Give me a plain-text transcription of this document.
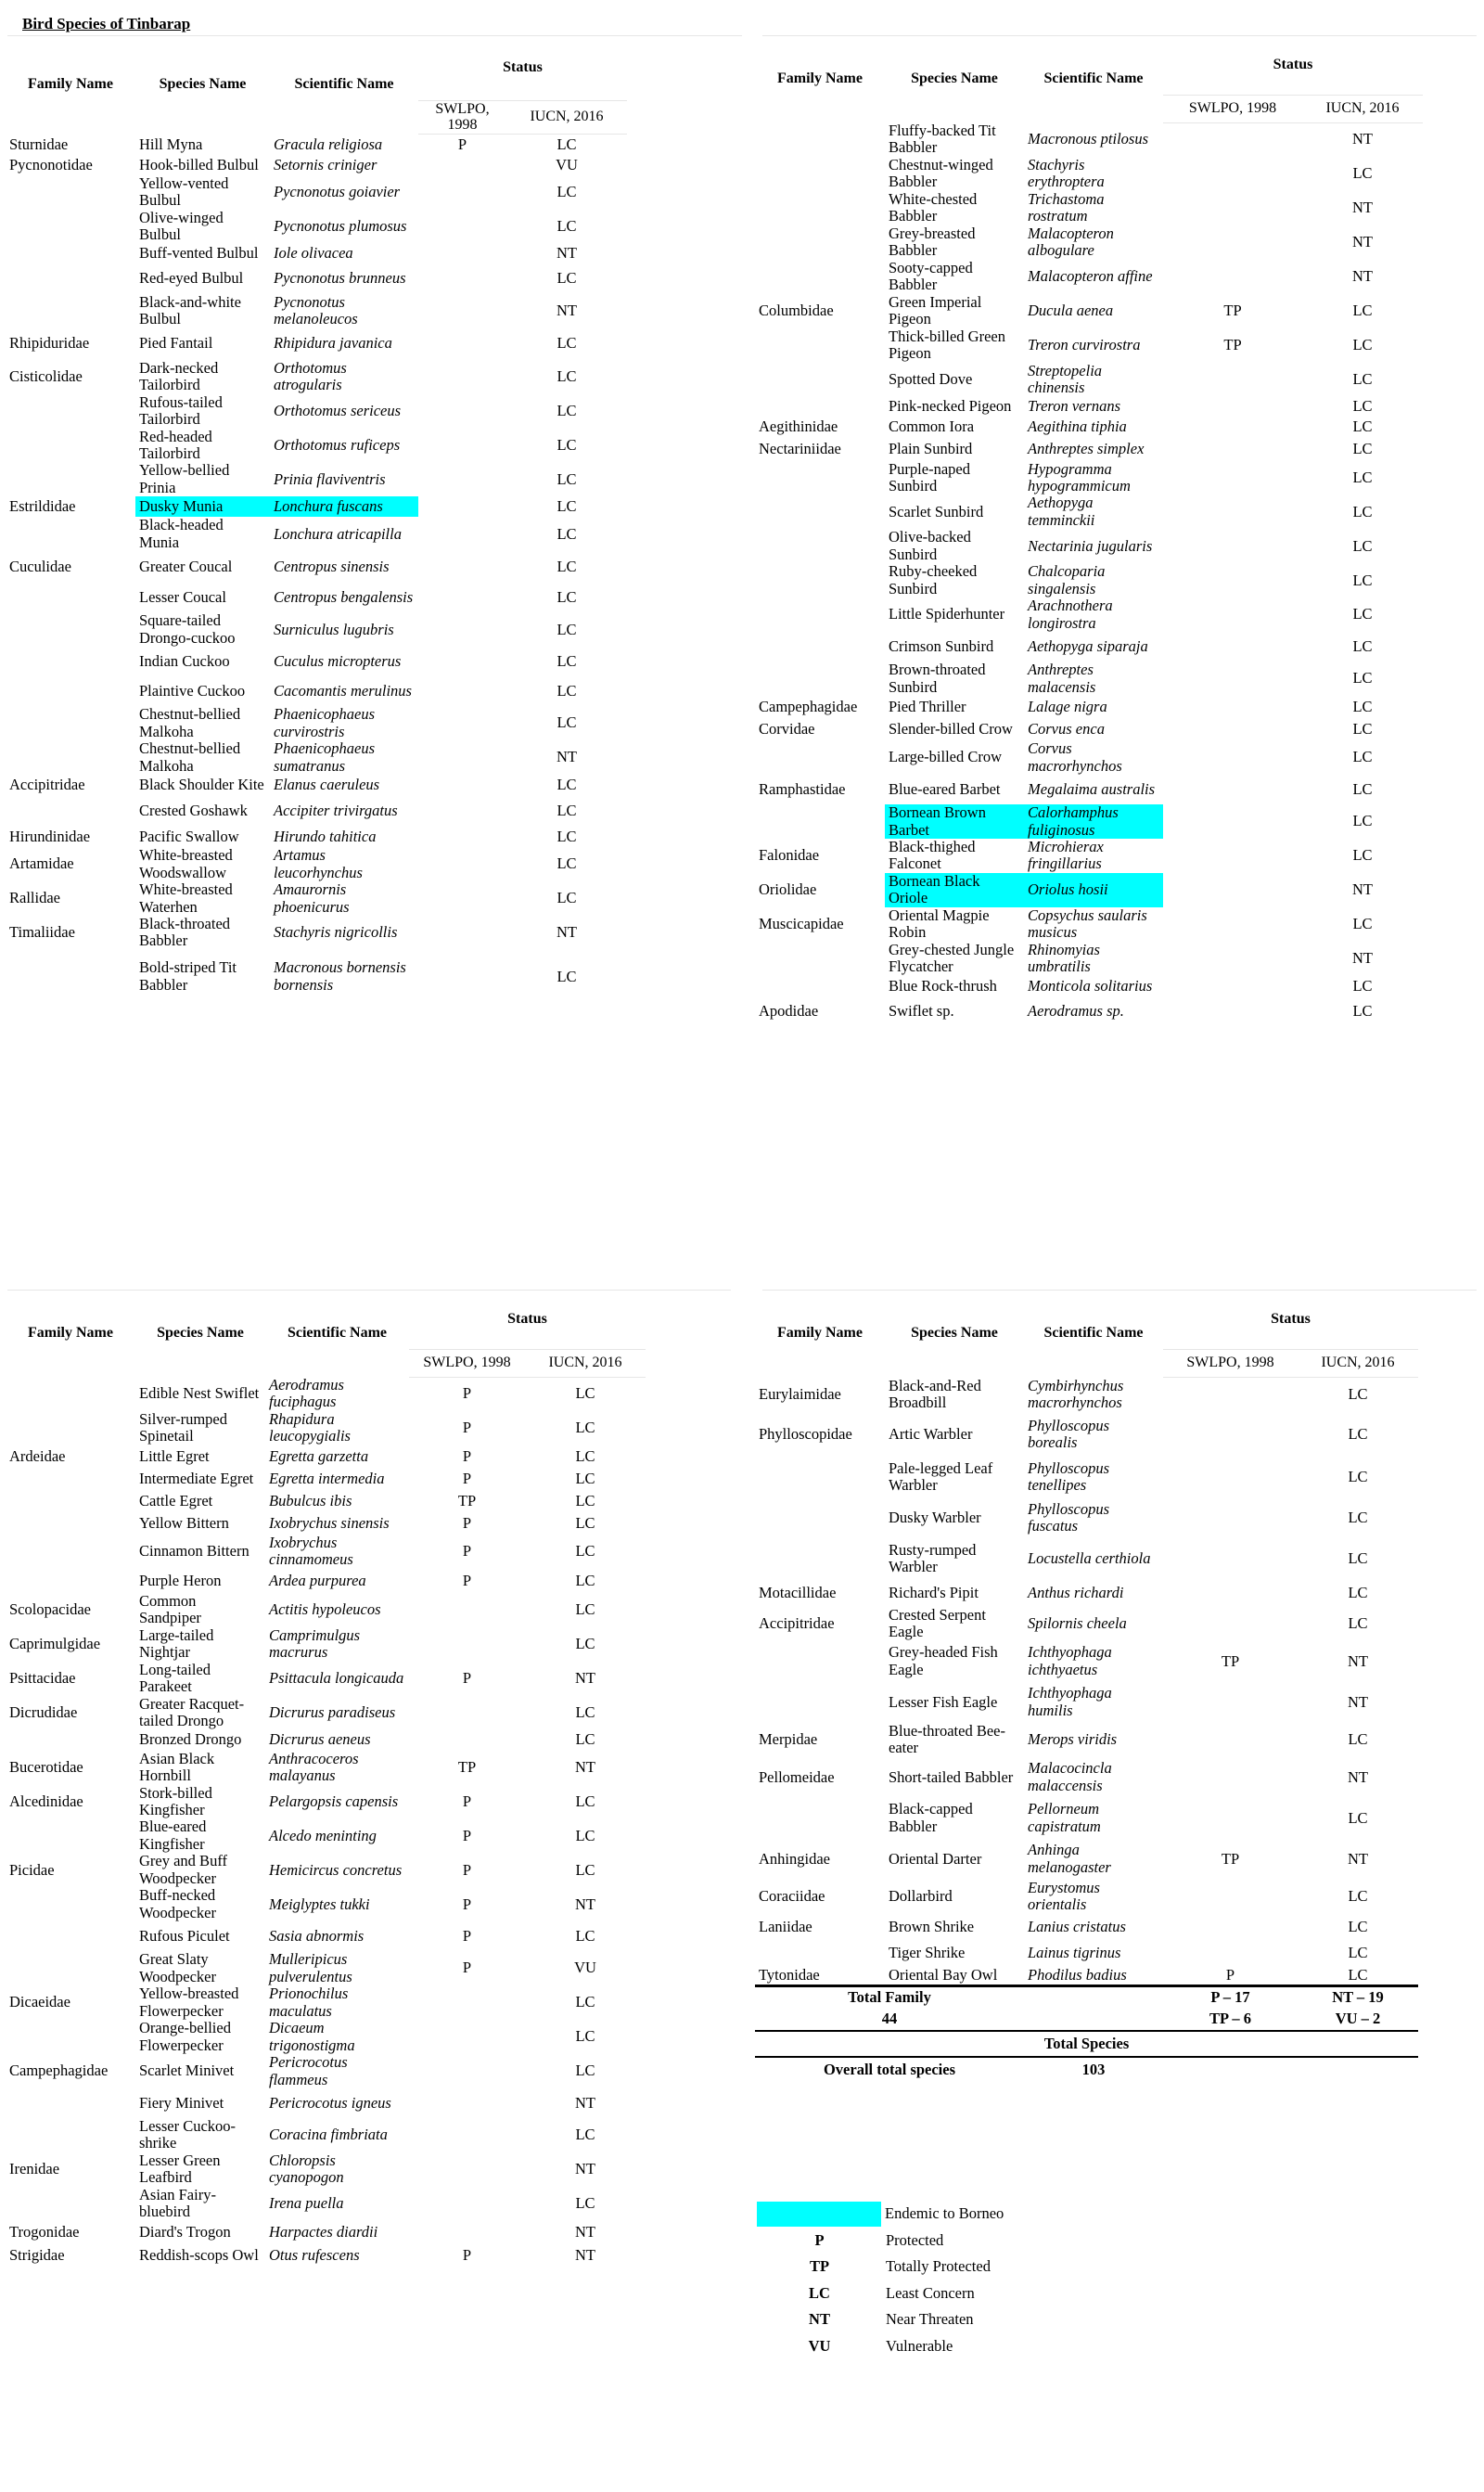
Bird Species of Tinbarap
Family Name	Species Name	Scientific Name	Status	
			SWLPO, 1998	IUCN, 2016
Sturnidae	Hill Myna	Gracula religiosa	P	LC
Pycnonotidae	Hook-billed Bulbul	Setornis criniger		VU
	Yellow-vented Bulbul	Pycnonotus goiavier		LC
	Olive-winged Bulbul	Pycnonotus plumosus		LC
	Buff-vented Bulbul	Iole olivacea		NT
	Red-eyed Bulbul	Pycnonotus brunneus		LC
	Black-and-white Bulbul	Pycnonotus melanoleucos		NT
Rhipiduridae	Pied Fantail	Rhipidura javanica		LC
Cisticolidae	Dark-necked Tailorbird	Orthotomus atrogularis		LC
	Rufous-tailed Tailorbird	Orthotomus sericeus		LC
	Red-headed Tailorbird	Orthotomus ruficeps		LC
	Yellow-bellied Prinia	Prinia flaviventris		LC
Estrildidae	Dusky Munia	Lonchura fuscans		LC
	Black-headed Munia	Lonchura atricapilla		LC
Cuculidae	Greater Coucal	Centropus sinensis		LC
	Lesser Coucal	Centropus bengalensis		LC
	Square-tailed Drongo-cuckoo	Surniculus lugubris		LC
	Indian Cuckoo	Cuculus micropterus		LC
	Plaintive Cuckoo	Cacomantis merulinus		LC
	Chestnut-bellied Malkoha	Phaenicophaeus curvirostris		LC
	Chestnut-bellied Malkoha	Phaenicophaeus sumatranus		NT
Accipitridae	Black Shoulder Kite	Elanus caeruleus		LC
	Crested Goshawk	Accipiter trivirgatus		LC
Hirundinidae	Pacific Swallow	Hirundo tahitica		LC
Artamidae	White-breasted Woodswallow	Artamus leucorhynchus		LC
Rallidae	White-breasted Waterhen	Amaurornis phoenicurus		LC
Timaliidae	Black-throated Babbler	Stachyris nigricollis		NT
	Bold-striped Tit Babbler	Macronous bornensis bornensis		LC
Family Name	Species Name	Scientific Name	Status	
			SWLPO, 1998	IUCN, 2016
	Fluffy-backed Tit Babbler	Macronous ptilosus		NT
	Chestnut-winged Babbler	Stachyris erythroptera		LC
	White-chested Babbler	Trichastoma rostratum		NT
	Grey-breasted Babbler	Malacopteron albogulare		NT
	Sooty-capped Babbler	Malacopteron affine		NT
Columbidae	Green Imperial Pigeon	Ducula aenea	TP	LC
	Thick-billed Green Pigeon	Treron curvirostra	TP	LC
	Spotted Dove	Streptopelia chinensis		LC
	Pink-necked Pigeon	Treron vernans		LC
Aegithinidae	Common Iora	Aegithina tiphia		LC
Nectariniidae	Plain Sunbird	Anthreptes simplex		LC
	Purple-naped Sunbird	Hypogramma hypogrammicum		LC
	Scarlet Sunbird	Aethopyga temminckii		LC
	Olive-backed Sunbird	Nectarinia jugularis		LC
	Ruby-cheeked Sunbird	Chalcoparia singalensis		LC
	Little Spiderhunter	Arachnothera longirostra		LC
	Crimson Sunbird	Aethopyga siparaja		LC
	Brown-throated Sunbird	Anthreptes malacensis		LC
Campephagidae	Pied Thriller	Lalage nigra		LC
Corvidae	Slender-billed Crow	Corvus enca		LC
	Large-billed Crow	Corvus macrorhynchos		LC
Ramphastidae	Blue-eared Barbet	Megalaima australis		LC
	Bornean Brown Barbet	Calorhamphus fuliginosus		LC
Falonidae	Black-thighed Falconet	Microhierax fringillarius		LC
Oriolidae	Bornean Black Oriole	Oriolus hosii		NT
Muscicapidae	Oriental Magpie Robin	Copsychus saularis musicus		LC
	Grey-chested Jungle Flycatcher	Rhinomyias umbratilis		NT
	Blue Rock-thrush	Monticola solitarius		LC
Apodidae	Swiflet sp.	Aerodramus sp.		LC
Family Name	Species Name	Scientific Name	Status	
			SWLPO, 1998	IUCN, 2016
	Edible Nest Swiflet	Aerodramus fuciphagus	P	LC
	Silver-rumped Spinetail	Rhapidura leucopygialis	P	LC
Ardeidae	Little Egret	Egretta garzetta	P	LC
	Intermediate Egret	Egretta intermedia	P	LC
	Cattle Egret	Bubulcus ibis	TP	LC
	Yellow Bittern	Ixobrychus sinensis	P	LC
	Cinnamon Bittern	Ixobrychus cinnamomeus	P	LC
	Purple Heron	Ardea purpurea	P	LC
Scolopacidae	Common Sandpiper	Actitis hypoleucos		LC
Caprimulgidae	Large-tailed Nightjar	Camprimulgus macrurus		LC
Psittacidae	Long-tailed Parakeet	Psittacula longicauda	P	NT
Dicrudidae	Greater Racquet-tailed Drongo	Dicrurus paradiseus		LC
	Bronzed Drongo	Dicrurus aeneus		LC
Bucerotidae	Asian Black Hornbill	Anthracoceros malayanus	TP	NT
Alcedinidae	Stork-billed Kingfisher	Pelargopsis capensis	P	LC
	Blue-eared Kingfisher	Alcedo meninting	P	LC
Picidae	Grey and Buff Woodpecker	Hemicircus concretus	P	LC
	Buff-necked Woodpecker	Meiglyptes tukki	P	NT
	Rufous Piculet	Sasia abnormis	P	LC
	Great Slaty Woodpecker	Mulleripicus pulverulentus	P	VU
Dicaeidae	Yellow-breasted Flowerpecker	Prionochilus maculatus		LC
	Orange-bellied Flowerpecker	Dicaeum trigonostigma		LC
Campephagidae	Scarlet Minivet	Pericrocotus flammeus		LC
	Fiery Minivet	Pericrocotus igneus		NT
	Lesser Cuckoo-shrike	Coracina fimbriata		LC
Irenidae	Lesser Green Leafbird	Chloropsis cyanopogon		NT
	Asian Fairy-bluebird	Irena puella		LC
Trogonidae	Diard's Trogon	Harpactes diardii		NT
Strigidae	Reddish-scops Owl	Otus rufescens	P	NT
Family Name	Species Name	Scientific Name	Status	
			SWLPO, 1998	IUCN, 2016
Eurylaimidae	Black-and-Red Broadbill	Cymbirhynchus macrorhynchos		LC
Phylloscopidae	Artic Warbler	Phylloscopus borealis		LC
	Pale-legged Leaf Warbler	Phylloscopus tenellipes		LC
	Dusky Warbler	Phylloscopus fuscatus		LC
	Rusty-rumped Warbler	Locustella certhiola		LC
Motacillidae	Richard's Pipit	Anthus richardi		LC
Accipitridae	Crested Serpent Eagle	Spilornis cheela		LC
	Grey-headed Fish Eagle	Ichthyophaga ichthyaetus	TP	NT
	Lesser Fish Eagle	Ichthyophaga humilis		NT
Merpidae	Blue-throated Bee-eater	Merops viridis		LC
Pellomeidae	Short-tailed Babbler	Malacocincla malaccensis		NT
	Black-capped Babbler	Pellorneum capistratum		LC
Anhingidae	Oriental Darter	Anhinga melanogaster	TP	NT
Coraciidae	Dollarbird	Eurystomus orientalis		LC
Laniidae	Brown Shrike	Lanius cristatus		LC
	Tiger Shrike	Lainus tigrinus		LC
Tytonidae	Oriental Bay Owl	Phodilus badius	P	LC
Total Family			P – 17	NT – 19
44			TP – 6	VU – 2
Total Species				
Overall total species		103		
Endemic to Borneo
P	Protected
TP	Totally Protected
LC	Least Concern
NT	Near Threaten
VU	Vulnerable
